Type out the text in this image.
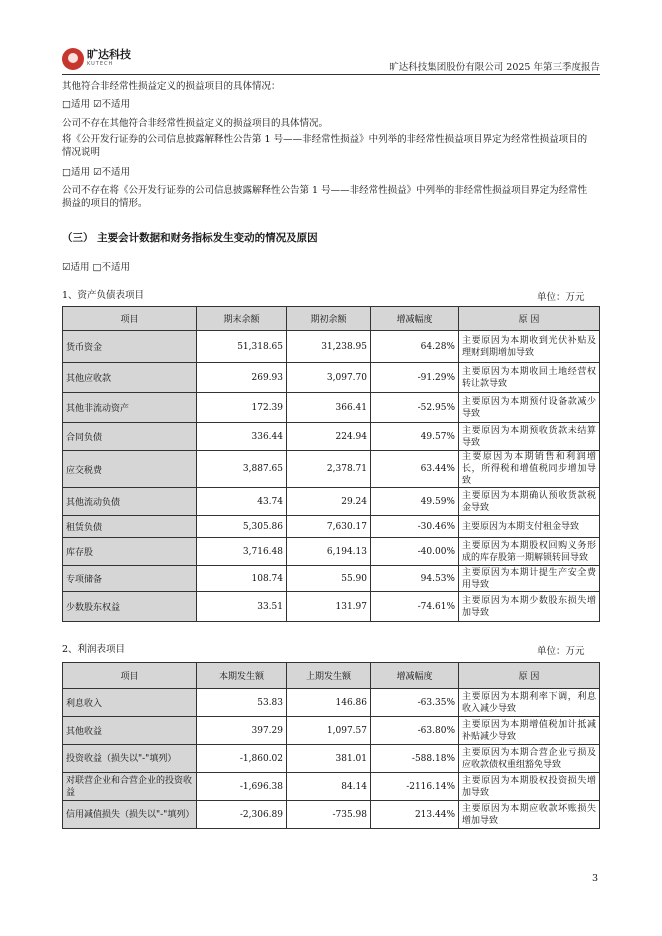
旷达科技
KUTECH	旷达科技集团股份有限公司 2025 年第三季度报告
其他符合非经常性损益定义的损益项目的具体情况：
□适用 ☑不适用
公司不存在其他符合非经常性损益定义的损益项目的具体情况。
将《公开发行证券的公司信息披露解释性公告第 1 号——非经常性损益》中列举的非经常性损益项目界定为经常性损益项目的情况说明
□适用 ☑不适用
公司不存在将《公开发行证券的公司信息披露解释性公告第 1 号——非经常性损益》中列举的非经常性损益项目界定为经常性损益的项目的情形。
（三） 主要会计数据和财务指标发生变动的情况及原因
☑适用 □不适用
1、资产负债表项目	单位：万元
项目	期末余额	期初余额	增减幅度	原 因
货币资金	51,318.65	31,238.95	64.28%	主要原因为本期收到光伏补贴及理财到期增加导致
其他应收款	269.93	3,097.70	-91.29%	主要原因为本期收回土地经营权转让款导致
其他非流动资产	172.39	366.41	-52.95%	主要原因为本期预付设备款减少导致
合同负债	336.44	224.94	49.57%	主要原因为本期预收货款未结算导致
应交税费	3,887.65	2,378.71	63.44%	主要原因为本期销售和利润增长，所得税和增值税同步增加导致
其他流动负债	43.74	29.24	49.59%	主要原因为本期确认预收货款税金导致
租赁负债	5,305.86	7,630.17	-30.46%	主要原因为本期支付租金导致
库存股	3,716.48	6,194.13	-40.00%	主要原因为本期股权回购义务形成的库存股第一期解锁转回导致
专项储备	108.74	55.90	94.53%	主要原因为本期计提生产安全费用导致
少数股东权益	33.51	131.97	-74.61%	主要原因为本期少数股东损失增加导致
2、利润表项目	单位：万元
项目	本期发生额	上期发生额	增减幅度	原 因
利息收入	53.83	146.86	-63.35%	主要原因为本期利率下调，利息收入减少导致
其他收益	397.29	1,097.57	-63.80%	主要原因为本期增值税加计抵减补贴减少导致
投资收益（损失以"-"填列）	-1,860.02	381.01	-588.18%	主要原因为本期合营企业亏损及应收款债权重组豁免导致
对联营企业和合营企业的投资收益	-1,696.38	84.14	-2116.14%	主要原因为本期股权投资损失增加导致
信用减值损失（损失以"-"填列）	-2,306.89	-735.98	213.44%	主要原因为本期应收款坏账损失增加导致
3
